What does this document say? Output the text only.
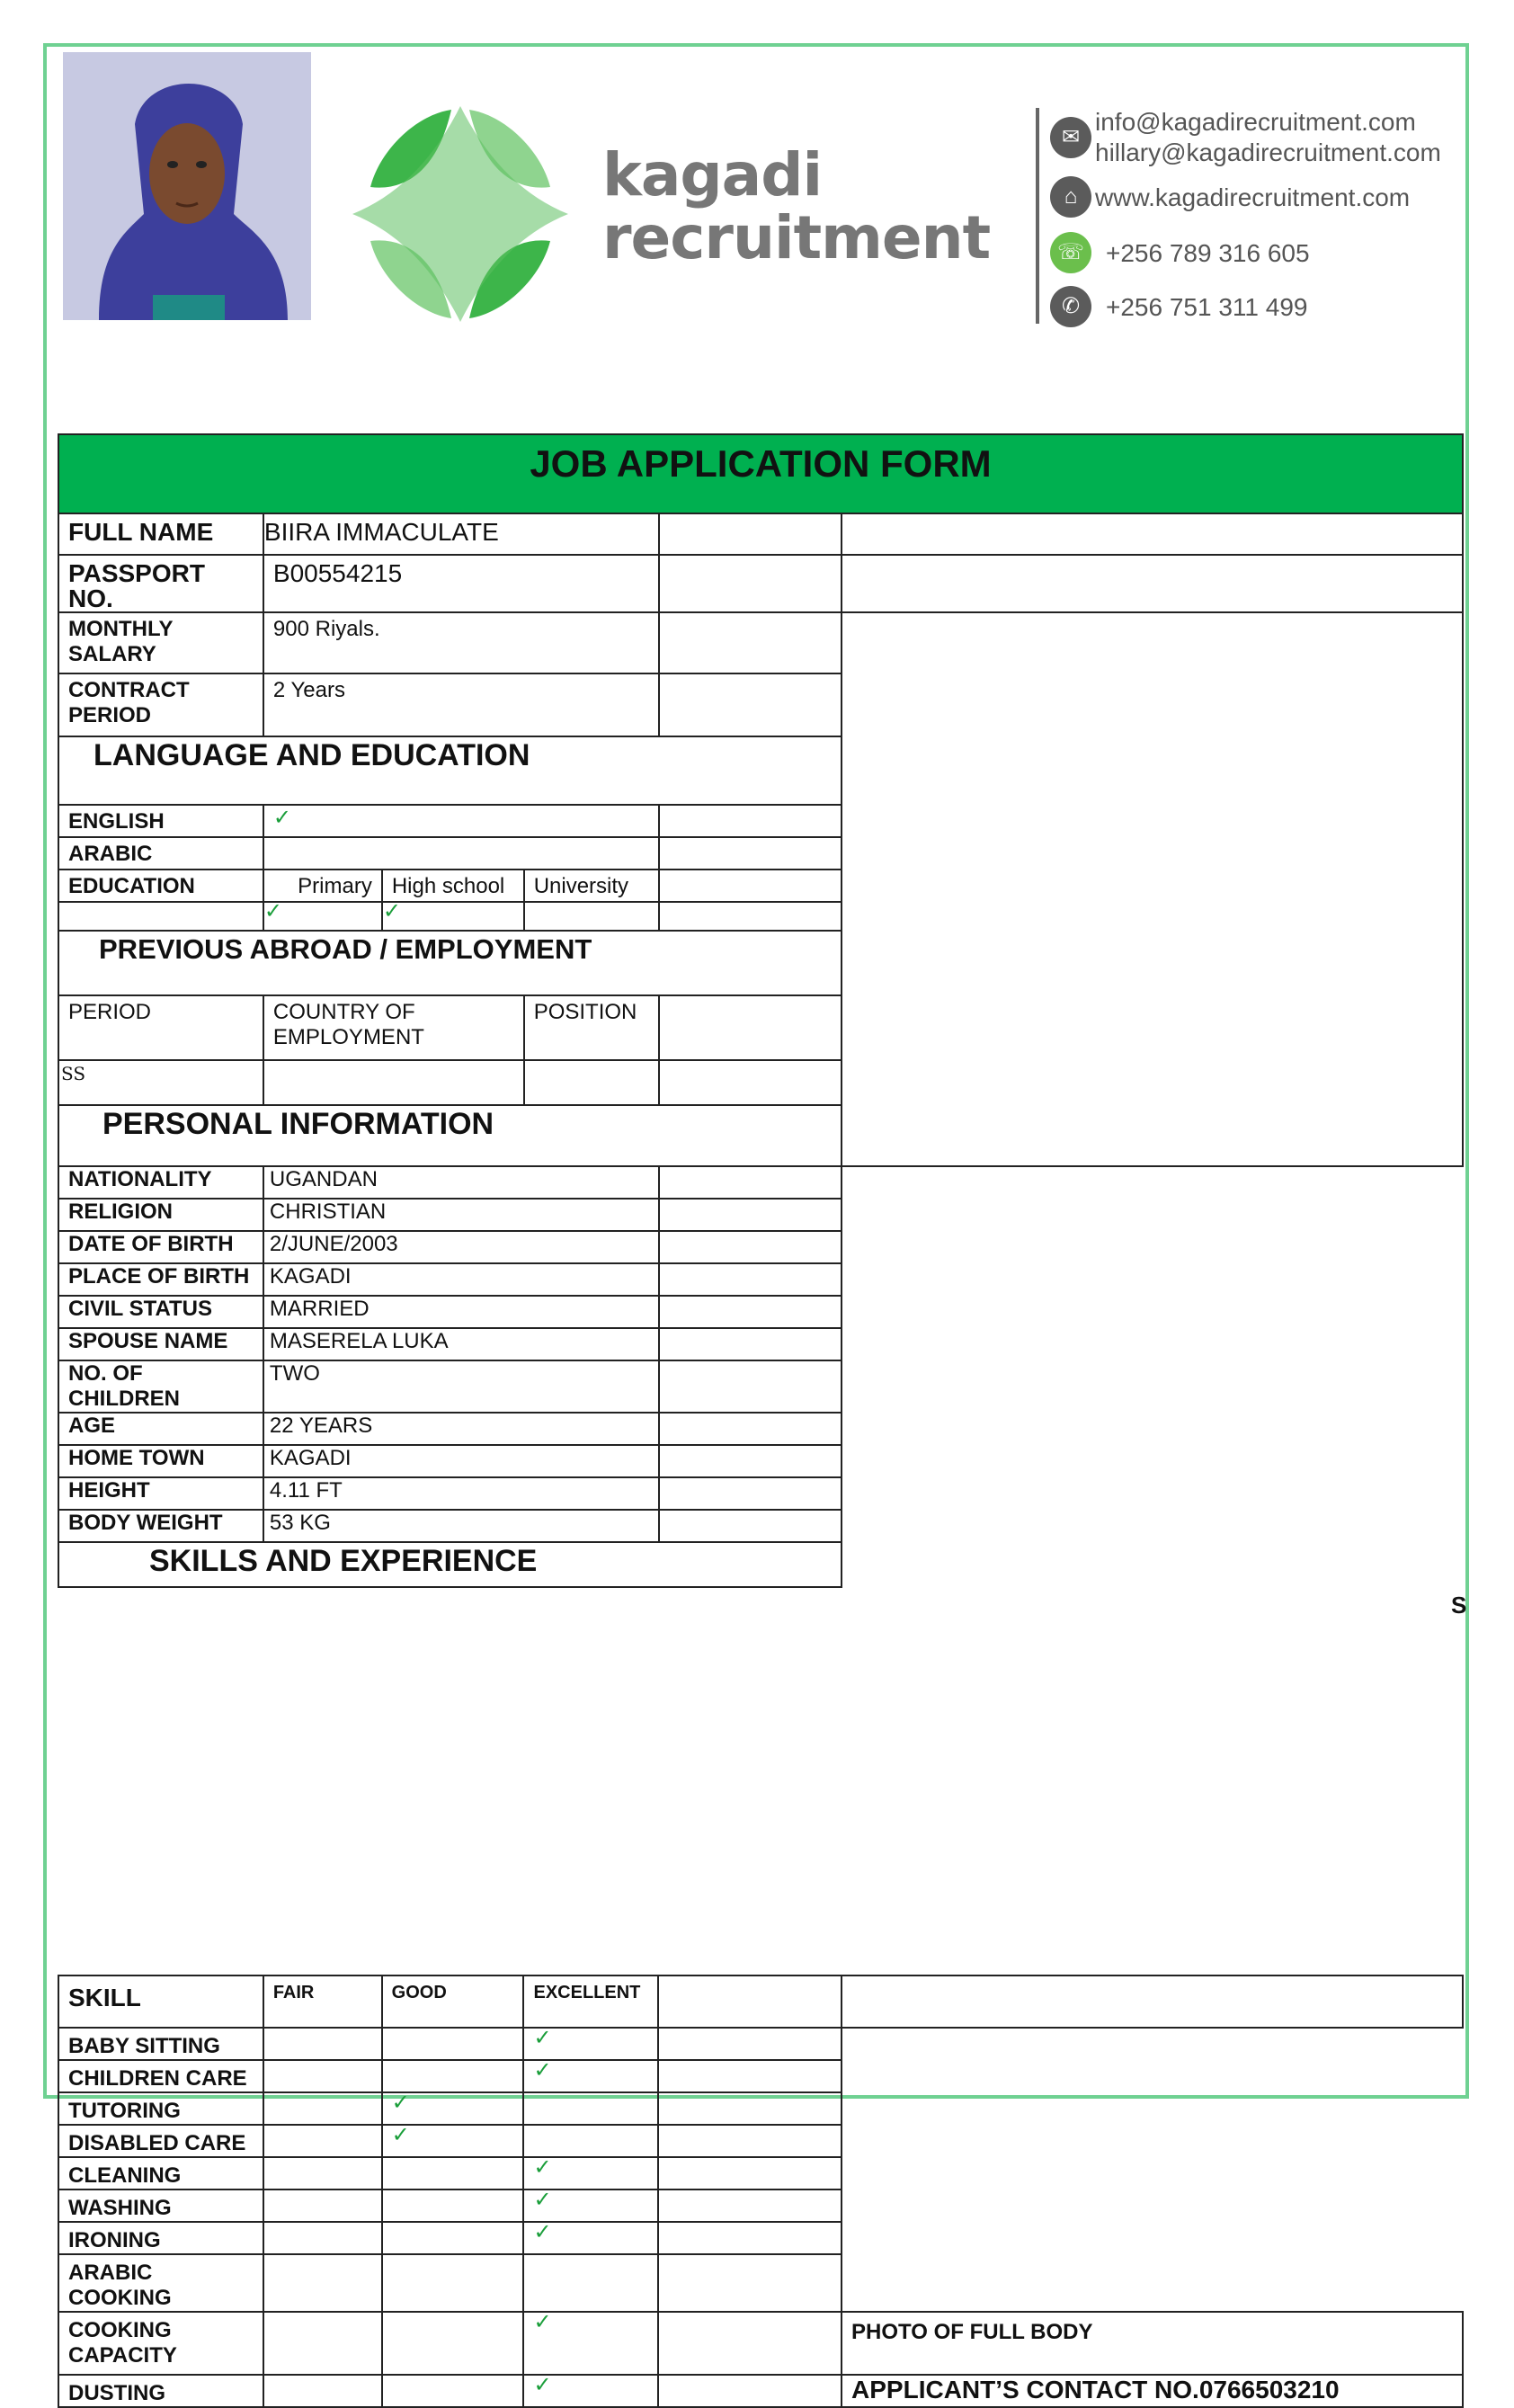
kagadi
recruitment
✉
info@kagadirecruitment.com
hillary@kagadirecruitment.com
⌂ www.kagadirecruitment.com
☏ +256 789 316 605
✆	+256 751 311 499
JOB APPLICATION FORM
FULL NAME	BIIRA IMMACULATE				
PASSPORT NO.	B00554215				
MONTHLY SALARY	900 Riyals.		

CONTRACT PERIOD	2 Years				
LANGUAGE AND EDUCATION					
ENGLISH	✓				
ARABIC					
EDUCATION	Primary	High school	University		
	✓	✓			
PREVIOUS ABROAD / EMPLOYMENT					
PERIOD	COUNTRY OF EMPLOYMENT		POSITION		
SS					
PERSONAL INFORMATION					
NATIONALITY	UGANDAN				
RELIGION	CHRISTIAN				
DATE OF BIRTH	2/JUNE/2003				
PLACE OF BIRTH	KAGADI				
CIVIL STATUS	MARRIED				
SPOUSE NAME	MASERELA LUKA				
NO. OF CHILDREN	TWO				
AGE	22 YEARS				
HOME TOWN	KAGADI				
HEIGHT	4.11 FT				
BODY WEIGHT	53 KG				
SKILLS AND EXPERIENCE					
SKILL	FAIR	GOOD	EXCELLENT		
BABY SITTING			✓		
CHILDREN CARE			✓		
TUTORING		✓			
DISABLED CARE		✓			
CLEANING			✓		
WASHING			✓		
IRONING			✓		
ARABIC COOKING					
COOKING CAPACITY			✓		PHOTO OF FULL BODY
DUSTING			✓		APPLICANT’S CONTACT NO.0766503210
S
